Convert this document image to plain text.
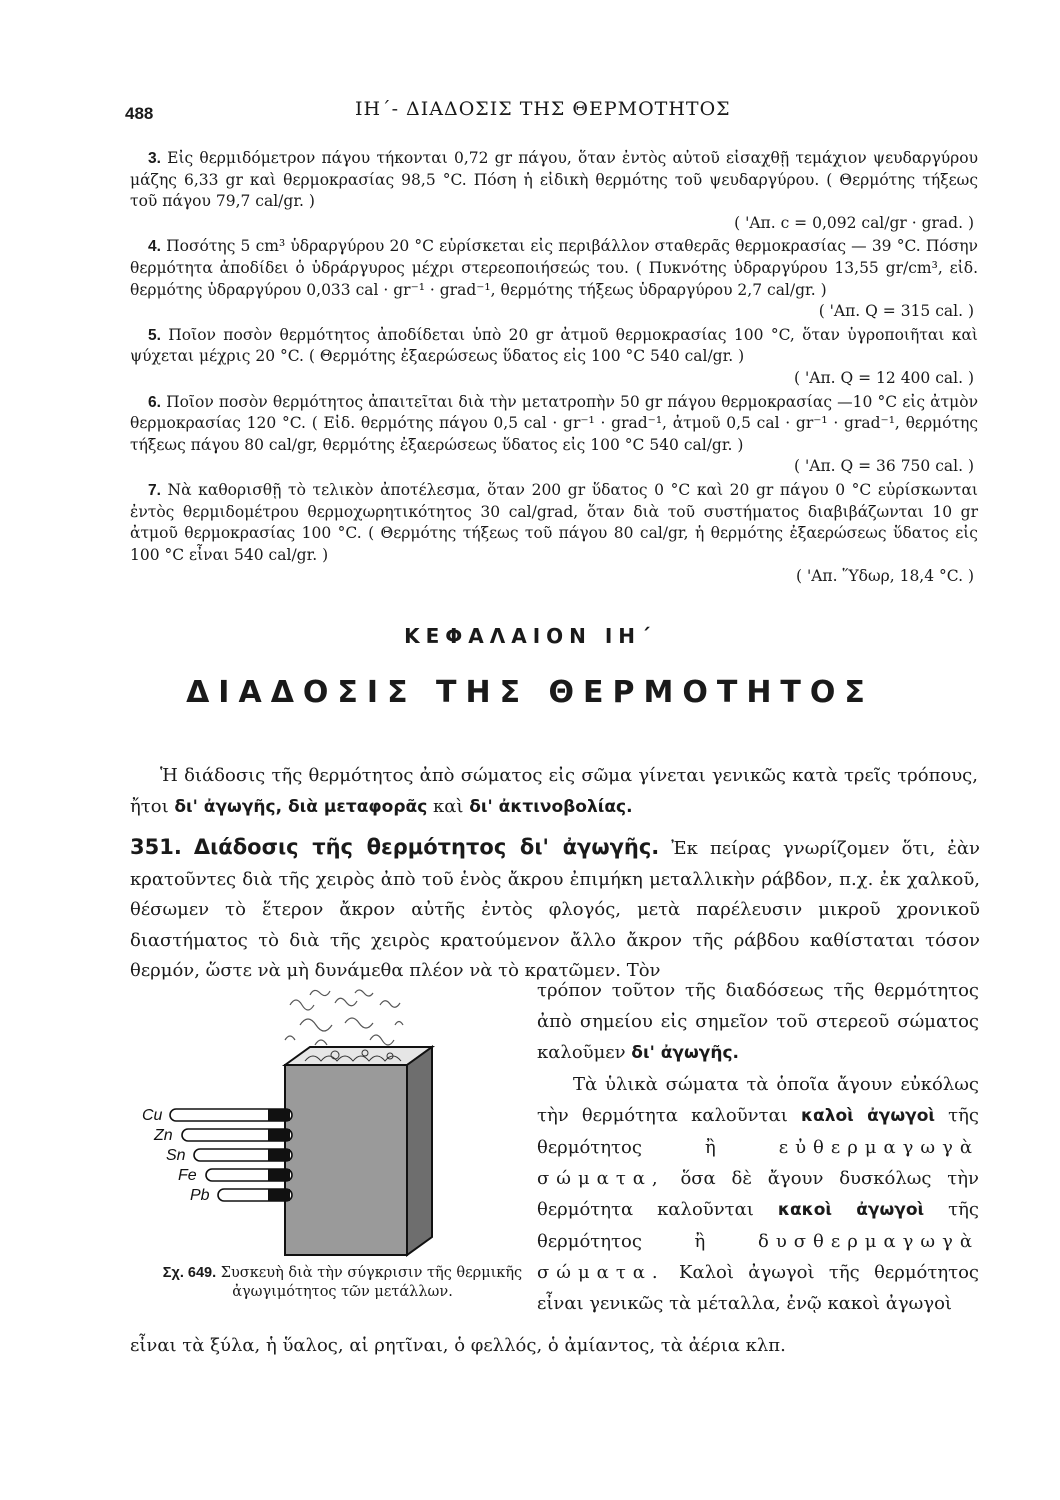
488	ΙΗ΄- ΔΙΑΔΟΣΙΣ ΤΗΣ ΘΕΡΜΟΤΗΤΟΣ

3. Εἰς θερμιδόμετρον πάγου τήκονται 0,72 gr πάγου, ὅταν ἐντὸς αὐτοῦ εἰσαχθῇ τεμάχιον ψευδαργύρου μάζης 6,33 gr καὶ θερμοκρασίας 98,5 °C. Πόση ἡ εἰδικὴ θερμότης τοῦ ψευδαργύρου. ( Θερμότης τήξεως τοῦ πάγου 79,7 cal/gr. )

( 'Απ. c = 0,092 cal/gr · grad. )

4. Ποσότης 5 cm³ ὑδραργύρου 20 °C εὑρίσκεται εἰς περιβάλλον σταθερᾶς θερμοκρασίας — 39 °C. Πόσην θερμότητα ἀποδίδει ὁ ὑδράργυρος μέχρι στερεοποιήσεώς του. ( Πυκνότης ὑδραργύρου 13,55 gr/cm³, εἰδ. θερμότης ὑδραργύρου 0,033 cal · gr⁻¹ · grad⁻¹, θερμότης τήξεως ὑδραργύρου 2,7 cal/gr. )

( 'Απ. Q = 315 cal. )

5. Ποῖον ποσὸν θερμότητος ἀποδίδεται ὑπὸ 20 gr ἀτμοῦ θερμοκρασίας 100 °C, ὅταν ὑγροποιῆται καὶ ψύχεται μέχρις 20 °C. ( Θερμότης ἐξαερώσεως ὕδατος εἰς 100 °C 540 cal/gr. )

( 'Απ. Q = 12 400 cal. )

6. Ποῖον ποσὸν θερμότητος ἀπαιτεῖται διὰ τὴν μετατροπὴν 50 gr πάγου θερμοκρασίας —10 °C εἰς ἀτμὸν θερμοκρασίας 120 °C. ( Εἰδ. θερμότης πάγου 0,5 cal · gr⁻¹ · grad⁻¹, ἀτμοῦ 0,5 cal · gr⁻¹ · grad⁻¹, θερμότης τήξεως πάγου 80 cal/gr, θερμότης ἐξαερώσεως ὕδατος εἰς 100 °C 540 cal/gr. )

( 'Απ. Q = 36 750 cal. )

7. Νὰ καθορισθῇ τὸ τελικὸν ἀποτέλεσμα, ὅταν 200 gr ὕδατος 0 °C καὶ 20 gr πάγου 0 °C εὑρίσκωνται ἐντὸς θερμιδομέτρου θερμοχωρητικότητος 30 cal/grad, ὅταν διὰ τοῦ συστήματος διαβιβάζωνται 10 gr ἀτμοῦ θερμοκρασίας 100 °C. ( Θερμότης τήξεως τοῦ πάγου 80 cal/gr, ἡ θερμότης ἐξαερώσεως ὕδατος εἰς 100 °C εἶναι 540 cal/gr. )

( 'Απ. Ὕδωρ, 18,4 °C. )

ΚΕΦΑΛΑΙΟΝ ΙΗ΄
ΔΙΑΔΟΣΙΣ ΤΗΣ ΘΕΡΜΟΤΗΤΟΣ

Ἡ διάδοσις τῆς θερμότητος ἀπὸ σώματος εἰς σῶμα γίνεται γενικῶς κατὰ τρεῖς τρόπους, ἤτοι δι' ἀγωγῆς, διὰ μεταφορᾶς καὶ δι' ἀκτινοβολίας.

351. Διάδοσις τῆς θερμότητος δι' ἀγωγῆς. Ἐκ πείρας γνωρίζομεν ὅτι, ἐὰν κρατοῦντες διὰ τῆς χειρὸς ἀπὸ τοῦ ἑνὸς ἄκρου ἐπιμήκη μεταλλικὴν ράβδον, π.χ. ἐκ χαλκοῦ, θέσωμεν τὸ ἕτερον ἄκρον αὐτῆς ἐντὸς φλογός, μετὰ παρέλευσιν μικροῦ χρονικοῦ διαστήματος τὸ διὰ τῆς χειρὸς κρατούμενον ἄλλο ἄκρον τῆς ράβδου καθίσταται τόσον θερμόν, ὥστε νὰ μὴ δυνάμεθα πλέον νὰ τὸ κρατῶμεν. Τὸν

Cu
Zn
Sn
Fe
Pb
Σχ. 649. Συσκευὴ διὰ τὴν σύγκρισιν τῆς θερμικῆς ἀγωγιμότητος τῶν μετάλλων.

τρόπον τοῦτον τῆς διαδόσεως τῆς θερμότητος ἀπὸ σημείου εἰς σημεῖον τοῦ στερεοῦ σώματος καλοῦμεν δι' ἀγωγῆς.

Τὰ ὑλικὰ σώματα τὰ ὁποῖα ἄγουν εὐκόλως τὴν θερμότητα καλοῦνται καλοὶ ἀγωγοὶ τῆς θερμότητος ἢ	εὐθερμαγωγὰ σώματα, ὅσα δὲ ἄγουν δυσκόλως τὴν θερμότητα καλοῦνται κακοὶ ἀγωγοὶ τῆς θερμότητος ἢ	δυσθερμαγωγὰ σώματα. Καλοὶ ἀγωγοὶ τῆς θερμότητος εἶναι γενικῶς τὰ μέταλλα, ἐνῷ κακοὶ ἀγωγοὶ

εἶναι τὰ ξύλα, ἡ ὕαλος, αἱ ρητῖναι, ὁ φελλός, ὁ ἀμίαντος, τὰ ἀέρια κλπ.
